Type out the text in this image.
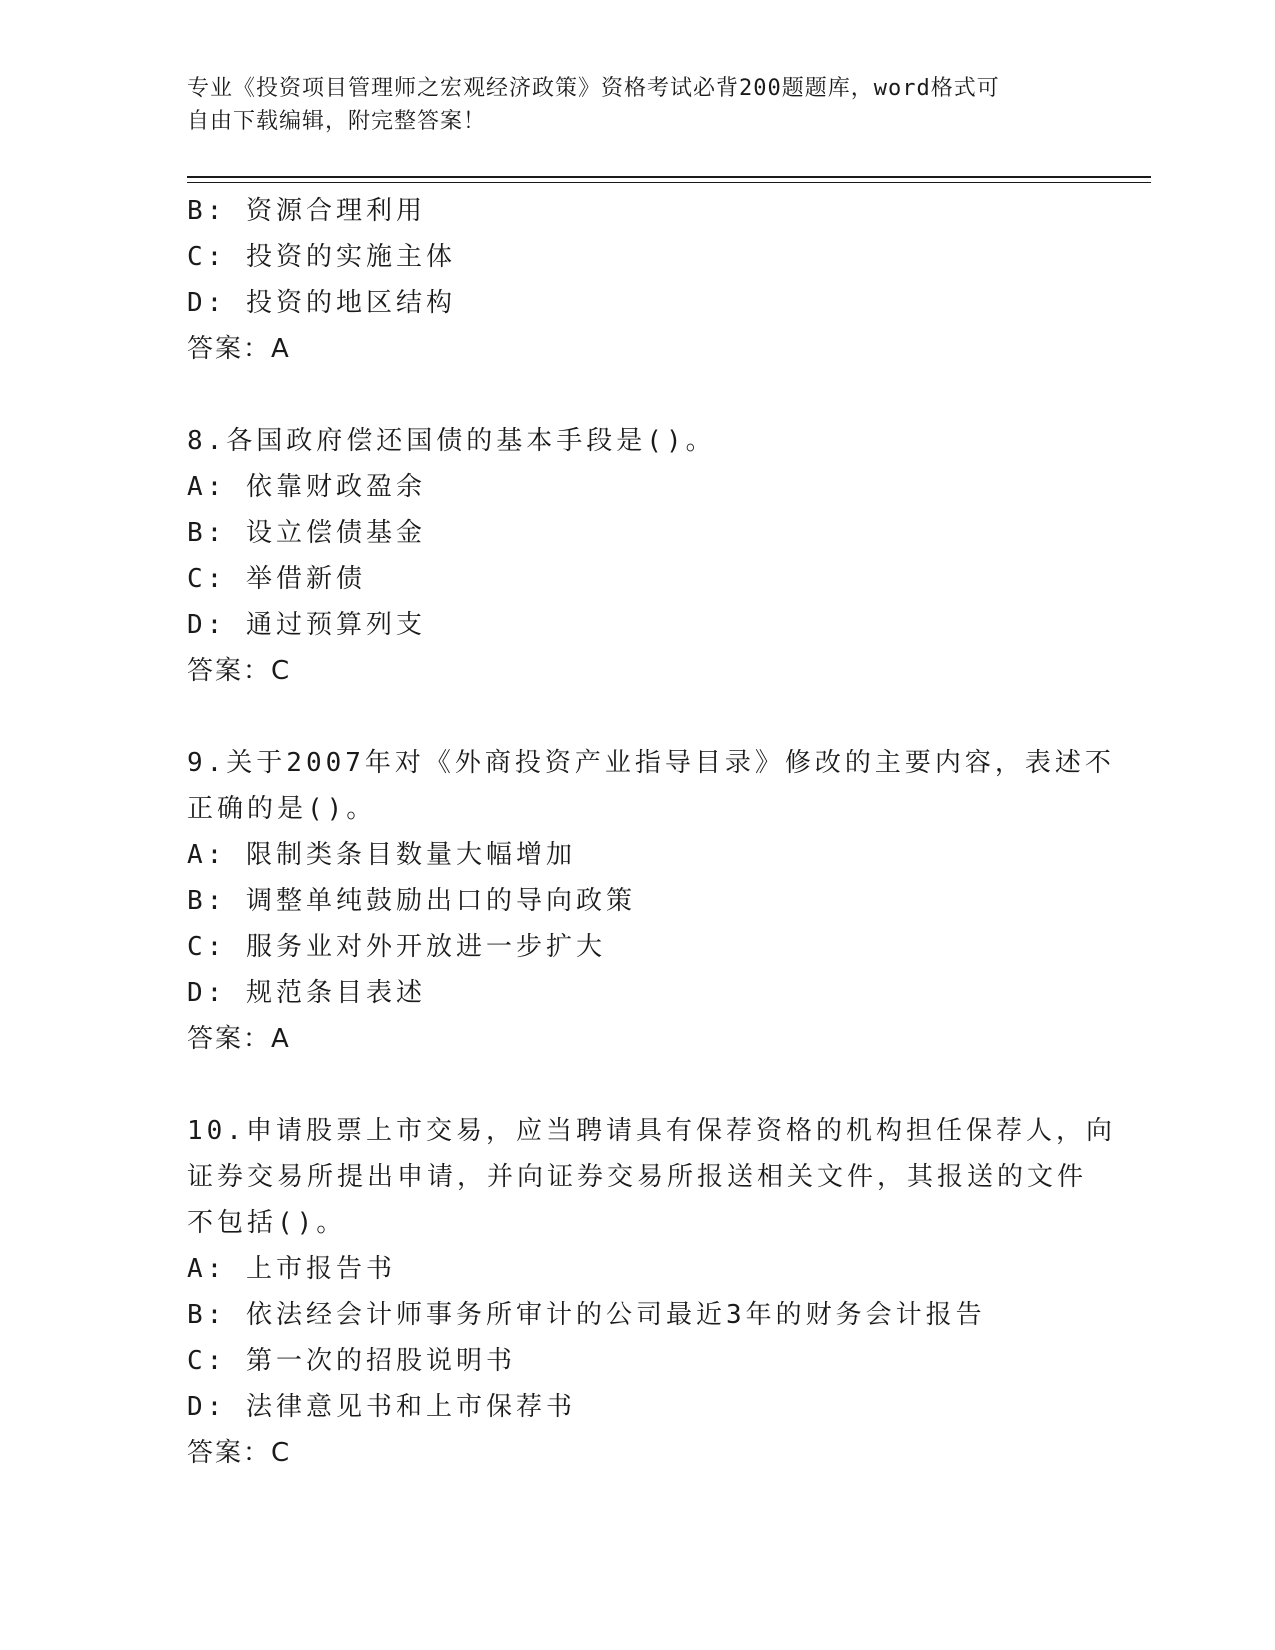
专业《投资项目管理师之宏观经济政策》资格考试必背200题题库，word格式可
自由下载编辑，附完整答案！
B: 资源合理利用
C: 投资的实施主体
D: 投资的地区结构
答案：A
8.各国政府偿还国债的基本手段是()。
A: 依靠财政盈余
B: 设立偿债基金
C: 举借新债
D: 通过预算列支
答案：C
9.关于2007年对《外商投资产业指导目录》修改的主要内容，表述不
正确的是()。
A: 限制类条目数量大幅增加
B: 调整单纯鼓励出口的导向政策
C: 服务业对外开放进一步扩大
D: 规范条目表述
答案：A
10.申请股票上市交易，应当聘请具有保荐资格的机构担任保荐人，向
证券交易所提出申请，并向证券交易所报送相关文件，其报送的文件
不包括()。
A: 上市报告书
B: 依法经会计师事务所审计的公司最近3年的财务会计报告
C: 第一次的招股说明书
D: 法律意见书和上市保荐书
答案：C
